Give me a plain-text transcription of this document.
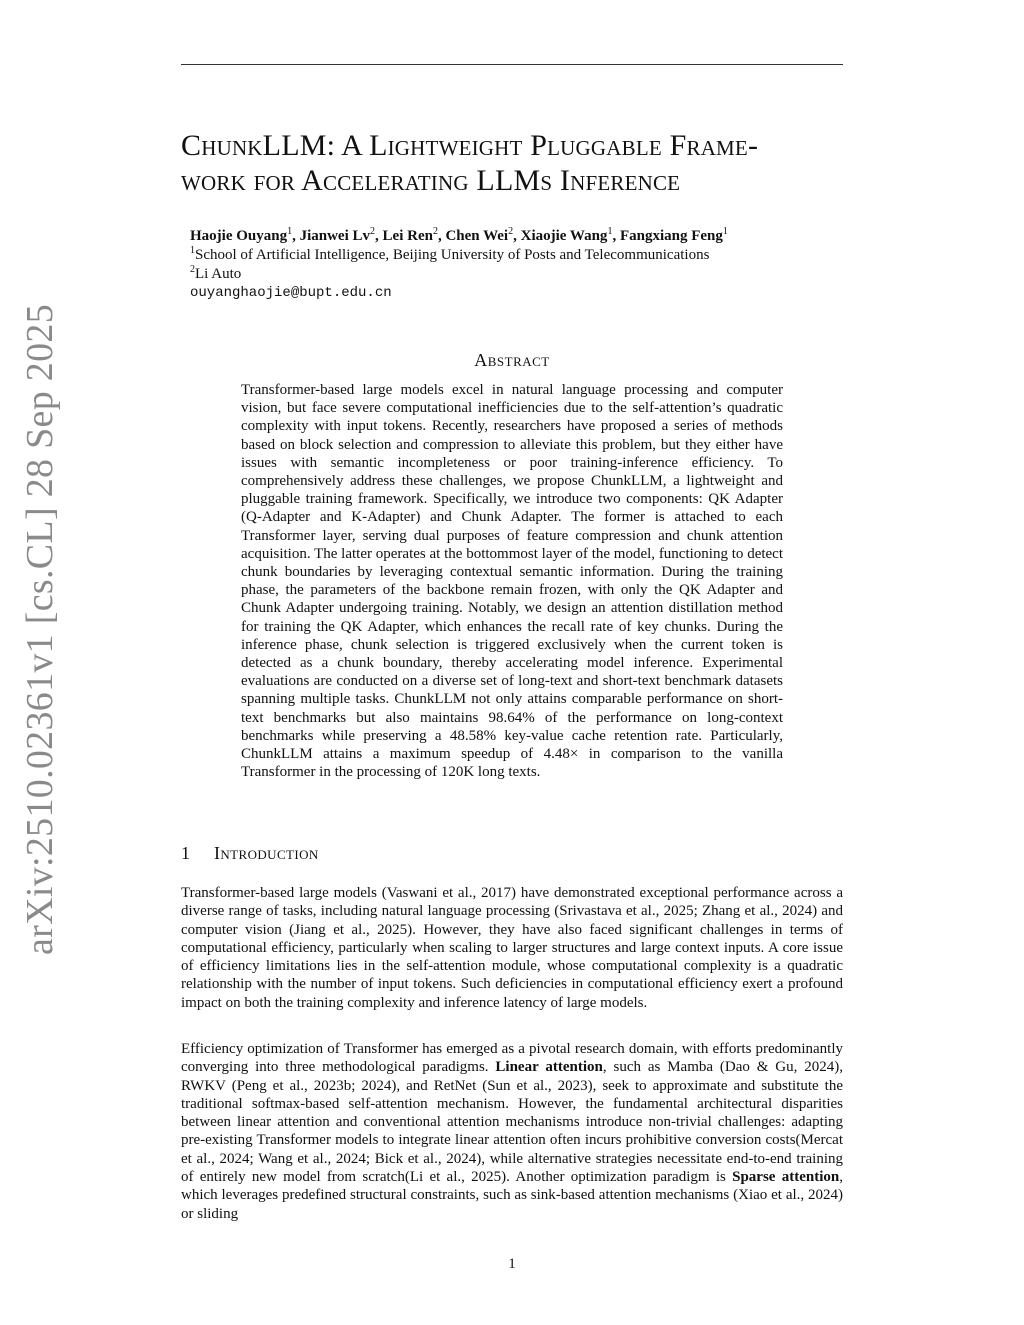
arXiv:2510.02361v1 [cs.CL] 28 Sep 2025
ChunkLLM: A Lightweight Pluggable Frame-
work for Accelerating LLMs Inference
Haojie Ouyang$^1$, Jianwei Lv$^2$, Lei Ren$^2$, Chen Wei$^2$, Xiaojie Wang$^1$, Fangxiang Feng$^1$
$^1$School of Artificial Intelligence, Beijing University of Posts and Telecommunications
$^2$Li Auto
ouyanghaojie@bupt.edu.cn
Abstract

Transformer-based large models excel in natural language processing and computer vision, but face severe computational inefficiencies due to the self-attention’s quadratic complexity with input tokens. Recently, researchers have proposed a series of methods based on block selection and compression to alleviate this problem, but they either have issues with semantic incompleteness or poor training-inference efficiency. To comprehensively address these challenges, we propose ChunkLLM, a lightweight and pluggable training framework. Specifically, we introduce two components: QK Adapter (Q-Adapter and K-Adapter) and Chunk Adapter. The former is attached to each Transformer layer, serving dual purposes of feature compression and chunk attention acquisition. The latter operates at the bottommost layer of the model, functioning to detect chunk boundaries by leveraging contextual semantic information. During the training phase, the parameters of the backbone remain frozen, with only the QK Adapter and Chunk Adapter undergoing training. Notably, we design an attention distillation method for training the QK Adapter, which enhances the recall rate of key chunks. During the inference phase, chunk selection is triggered exclusively when the current token is detected as a chunk boundary, thereby accelerating model inference. Experimental evaluations are conducted on a diverse set of long-text and short-text benchmark datasets spanning multiple tasks. ChunkLLM not only attains comparable performance on short-text benchmarks but also maintains 98.64% of the performance on long-context benchmarks while preserving a 48.58% key-value cache retention rate. Particularly, ChunkLLM attains a maximum speedup of 4.48× in comparison to the vanilla Transformer in the processing of 120K long texts.

1 Introduction

Transformer-based large models (Vaswani et al., 2017) have demonstrated exceptional performance across a diverse range of tasks, including natural language processing (Srivastava et al., 2025; Zhang et al., 2024) and computer vision (Jiang et al., 2025). However, they have also faced significant challenges in terms of computational efficiency, particularly when scaling to larger structures and large context inputs. A core issue of efficiency limitations lies in the self-attention module, whose computational complexity is a quadratic relationship with the number of input tokens. Such deficiencies in computational efficiency exert a profound impact on both the training complexity and inference latency of large models.

Efficiency optimization of Transformer has emerged as a pivotal research domain, with efforts predominantly converging into three methodological paradigms. Linear attention, such as Mamba (Dao & Gu, 2024), RWKV (Peng et al., 2023b; 2024), and RetNet (Sun et al., 2023), seek to approximate and substitute the traditional softmax-based self-attention mechanism. However, the fundamental architectural disparities between linear attention and conventional attention mechanisms introduce non-trivial challenges: adapting pre-existing Transformer models to integrate linear attention often incurs prohibitive conversion costs(Mercat et al., 2024; Wang et al., 2024; Bick et al., 2024), while alternative strategies necessitate end-to-end training of entirely new model from scratch(Li et al., 2025). Another optimization paradigm is Sparse attention, which leverages predefined structural constraints, such as sink-based attention mechanisms (Xiao et al., 2024) or sliding

1
